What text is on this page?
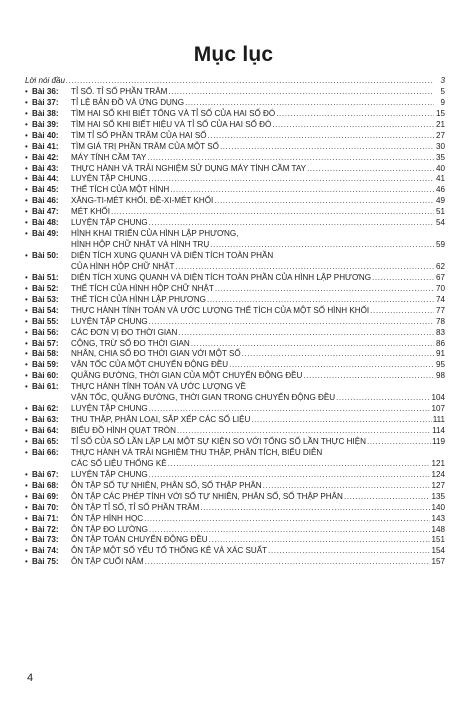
Mục lục
Lời nói đầu .....	3
• Bài 36: TỈ SỐ. TỈ SỐ PHẦN TRĂM .....	5
• Bài 37: TỈ LỆ BẢN ĐỒ VÀ ỨNG DỤNG .....	9
• Bài 38: TÌM HAI SỐ KHI BIẾT TỔNG VÀ TỈ SỐ CỦA HAI SỐ ĐÓ .....	15
• Bài 39: TÌM HAI SỐ KHI BIẾT HIỆU VÀ TỈ SỐ CỦA HAI SỐ ĐÓ .....	21
• Bài 40: TÌM TỈ SỐ PHẦN TRĂM CỦA HAI SỐ .....	27
• Bài 41: TÌM GIÁ TRỊ PHẦN TRĂM CỦA MỘT SỐ .....	30
• Bài 42: MÁY TÍNH CẦM TAY .....	35
• Bài 43: THỰC HÀNH VÀ TRẢI NGHIỆM SỬ DỤNG MÁY TÍNH CẦM TAY .....	40
• Bài 44: LUYỆN TẬP CHUNG .....	41
• Bài 45: THỂ TÍCH CỦA MỘT HÌNH .....	46
• Bài 46: XĂNG-TI-MÉT KHỐI. ĐỀ-XI-MÉT KHỐI .....	49
• Bài 47: MÉT KHỐI .....	51
• Bài 48: LUYỆN TẬP CHUNG .....	54
• Bài 49: HÌNH KHAI TRIỂN CỦA HÌNH LẬP PHƯƠNG,
HÌNH HỘP CHỮ NHẬT VÀ HÌNH TRỤ .....	59
• Bài 50: DIỆN TÍCH XUNG QUANH VÀ DIỆN TÍCH TOÀN PHẦN
CỦA HÌNH HỘP CHỮ NHẬT .....	62
• Bài 51: DIỆN TÍCH XUNG QUANH VÀ DIỆN TÍCH TOÀN PHẦN CỦA HÌNH LẬP PHƯƠNG .....	67
• Bài 52: THỂ TÍCH CỦA HÌNH HỘP CHỮ NHẬT .....	70
• Bài 53: THỂ TÍCH CỦA HÌNH LẬP PHƯƠNG .....	74
• Bài 54: THỰC HÀNH TÍNH TOÁN VÀ ƯỚC LƯỢNG THỂ TÍCH CỦA MỘT SỐ HÌNH KHỐI .....	77
• Bài 55: LUYỆN TẬP CHUNG .....	78
• Bài 56: CÁC ĐƠN VỊ ĐO THỜI GIAN .....	83
• Bài 57: CỘNG, TRỪ SỐ ĐO THỜI GIAN .....	86
• Bài 58: NHÂN, CHIA SỐ ĐO THỜI GIAN VỚI MỘT SỐ .....	91
• Bài 59: VẬN TỐC CỦA MỘT CHUYỂN ĐỘNG ĐỀU .....	95
• Bài 60: QUÃNG ĐƯỜNG, THỜI GIAN CỦA MỘT CHUYỂN ĐỘNG ĐỀU .....	98
• Bài 61: THỰC HÀNH TÍNH TOÁN VÀ ƯỚC LƯỢNG VỀ
VẬN TỐC, QUÃNG ĐƯỜNG, THỜI GIAN TRONG CHUYỂN ĐỘNG ĐỀU .....	104
• Bài 62: LUYỆN TẬP CHUNG .....	107
• Bài 63: THU THẬP, PHÂN LOẠI, SẮP XẾP CÁC SỐ LIỆU .....	111
• Bài 64: BIỂU ĐỒ HÌNH QUẠT TRÒN .....	114
• Bài 65: TỈ SỐ CỦA SỐ LẦN LẶP LẠI MỘT SỰ KIỆN SO VỚI TỔNG SỐ LẦN THỰC HIỆN .....	119
• Bài 66: THỰC HÀNH VÀ TRẢI NGHIỆM THU THẬP, PHÂN TÍCH, BIỂU DIỄN
CÁC SỐ LIỆU THỐNG KÊ .....	121
• Bài 67: LUYỆN TẬP CHUNG .....	124
• Bài 68: ÔN TẬP SỐ TỰ NHIÊN, PHÂN SỐ, SỐ THẬP PHÂN .....	127
• Bài 69: ÔN TẬP CÁC PHÉP TÍNH VỚI SỐ TỰ NHIÊN, PHÂN SỐ, SỐ THẬP PHÂN .....	135
• Bài 70: ÔN TẬP TỈ SỐ, TỈ SỐ PHẦN TRĂM .....	140
• Bài 71: ÔN TẬP HÌNH HỌC .....	143
• Bài 72: ÔN TẬP ĐO LƯỜNG .....	148
• Bài 73: ÔN TẬP TOÁN CHUYỂN ĐỘNG ĐỀU .....	151
• Bài 74: ÔN TẬP MỘT SỐ YẾU TỐ THỐNG KÊ VÀ XÁC SUẤT .....	154
• Bài 75: ÔN TẬP CUỐI NĂM .....	157
4
